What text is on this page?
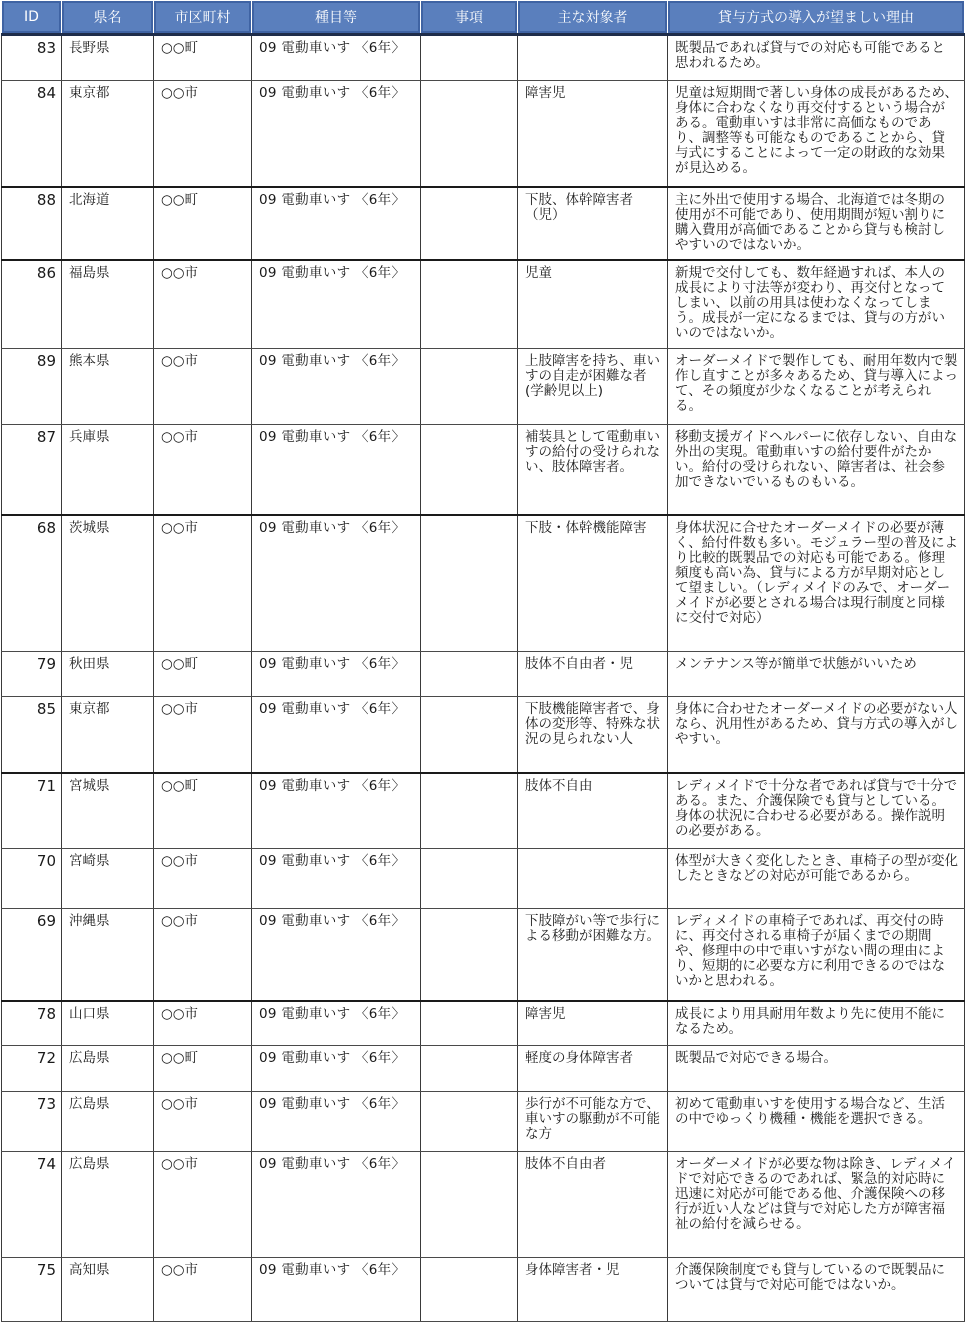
ID	県名	市区町村	種目等	事項	主な対象者	貸与方式の導入が望ましい理由
83	長野県	○○町	09 電動車いす 〈6年〉			既製品であれば貸与での対応も可能であると思われるため。
84	東京都	○○市	09 電動車いす 〈6年〉		障害児	児童は短期間で著しい身体の成長があるため、身体に合わなくなり再交付するという場合がある。電動車いすは非常に高価なものであり、調整等も可能なものであることから、貸与式にすることによって一定の財政的な効果が見込める。
88	北海道	○○町	09 電動車いす 〈6年〉		下肢、体幹障害者（児）	主に外出で使用する場合、北海道では冬期の使用が不可能であり、使用期間が短い割りに購入費用が高価であることから貸与も検討しやすいのではないか。
86	福島県	○○市	09 電動車いす 〈6年〉		児童	新規で交付しても、数年経過すれば、本人の成長により寸法等が変わり、再交付となってしまい、以前の用具は使わなくなってしまう。成長が一定になるまでは、貸与の方がいいのではないか。
89	熊本県	○○市	09 電動車いす 〈6年〉		上肢障害を持ち、車いすの自走が困難な者(学齢児以上)	オーダーメイドで製作しても、耐用年数内で製作し直すことが多々あるため、貸与導入によって、その頻度が少なくなることが考えられる。
87	兵庫県	○○市	09 電動車いす 〈6年〉		補装具として電動車いすの給付の受けられない、肢体障害者。	移動支援ガイドヘルパーに依存しない、自由な外出の実現。電動車いすの給付要件がたかい。給付の受けられない、障害者は、社会参加できないでいるものもいる。
68	茨城県	○○市	09 電動車いす 〈6年〉		下肢・体幹機能障害	身体状況に合せたオーダーメイドの必要が薄く、給付件数も多い。モジュラー型の普及により比較的既製品での対応も可能である。修理頻度も高い為、貸与による方が早期対応として望ましい。（レディメイドのみで、オーダーメイドが必要とされる場合は現行制度と同様に交付で対応）
79	秋田県	○○町	09 電動車いす 〈6年〉		肢体不自由者・児	メンテナンス等が簡単で状態がいいため
85	東京都	○○市	09 電動車いす 〈6年〉		下肢機能障害者で、身体の変形等、特殊な状況の見られない人	身体に合わせたオーダーメイドの必要がない人なら、汎用性があるため、貸与方式の導入がしやすい。
71	宮城県	○○町	09 電動車いす 〈6年〉		肢体不自由	レディメイドで十分な者であれば貸与で十分である。また、介護保険でも貸与としている。身体の状況に合わせる必要がある。操作説明の必要がある。
70	宮崎県	○○市	09 電動車いす 〈6年〉			体型が大きく変化したとき、車椅子の型が変化したときなどの対応が可能であるから。
69	沖縄県	○○市	09 電動車いす 〈6年〉		下肢障がい等で歩行による移動が困難な方。	レディメイドの車椅子であれば、再交付の時に、再交付される車椅子が届くまでの期間や、修理中の中で車いすがない間の理由により、短期的に必要な方に利用できるのではないかと思われる。
78	山口県	○○市	09 電動車いす 〈6年〉		障害児	成長により用具耐用年数より先に使用不能になるため。
72	広島県	○○町	09 電動車いす 〈6年〉		軽度の身体障害者	既製品で対応できる場合。
73	広島県	○○市	09 電動車いす 〈6年〉		歩行が不可能な方で、車いすの駆動が不可能な方	初めて電動車いすを使用する場合など、生活の中でゆっくり機種・機能を選択できる。
74	広島県	○○市	09 電動車いす 〈6年〉		肢体不自由者	オーダーメイドが必要な物は除き、レディメイドで対応できるのであれば、緊急的対応時に迅速に対応が可能である他、介護保険への移行が近い人などは貸与で対応した方が障害福祉の給付を減らせる。
75	高知県	○○市	09 電動車いす 〈6年〉		身体障害者・児	介護保険制度でも貸与しているので既製品については貸与で対応可能ではないか。
